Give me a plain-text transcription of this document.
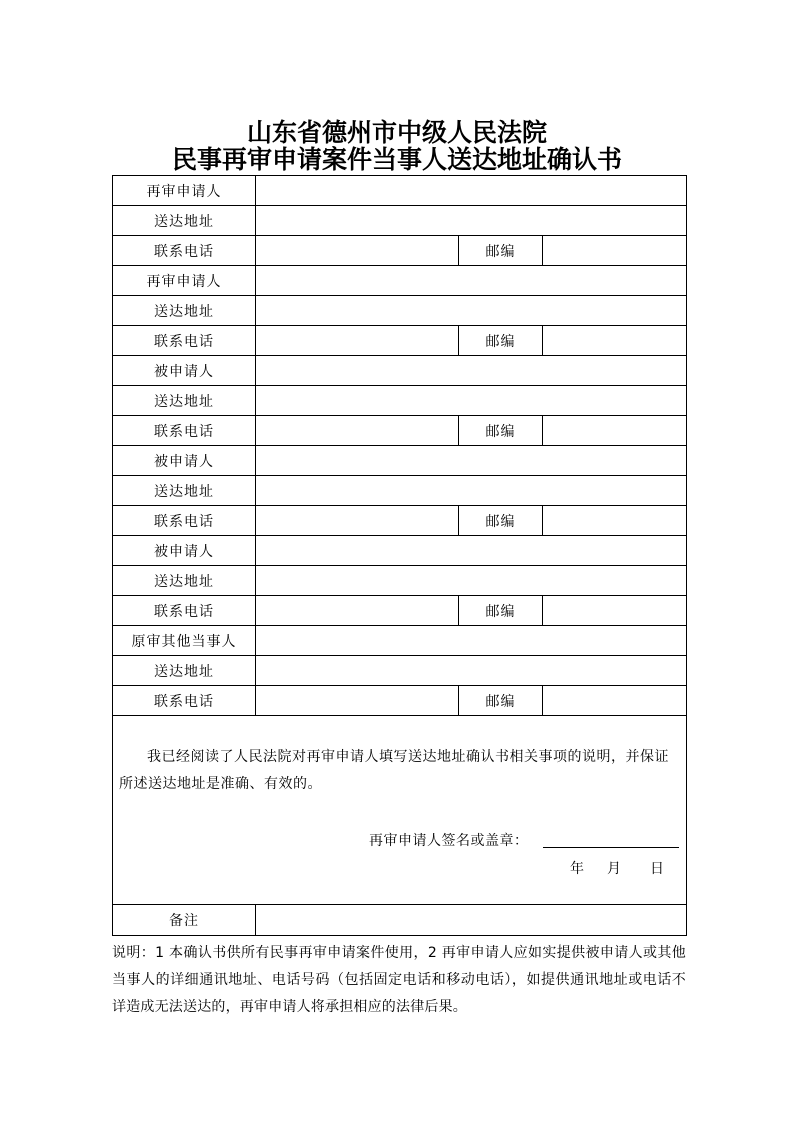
山东省德州市中级人民法院
民事再审申请案件当事人送达地址确认书
再审申请人			
送达地址			
联系电话		邮编	
再审申请人			
送达地址			
联系电话		邮编	
被申请人			
送达地址			
联系电话		邮编	
被申请人			
送达地址			
联系电话		邮编	
被申请人			
送达地址			
联系电话		邮编	
原审其他当事人			
送达地址			
联系电话		邮编	

我已经阅读了人民法院对再审申请人填写送达地址确认书相关事项的说明，并保证所述送达地址是准确、有效的。
再审申请人签名或盖章：
年 月 日			

备注			
说明：1 本确认书供所有民事再审申请案件使用，2 再审申请人应如实提供被申请人或其他当事人的详细通讯地址、电话号码（包括固定电话和移动电话），如提供通讯地址或电话不详造成无法送达的，再审申请人将承担相应的法律后果。
